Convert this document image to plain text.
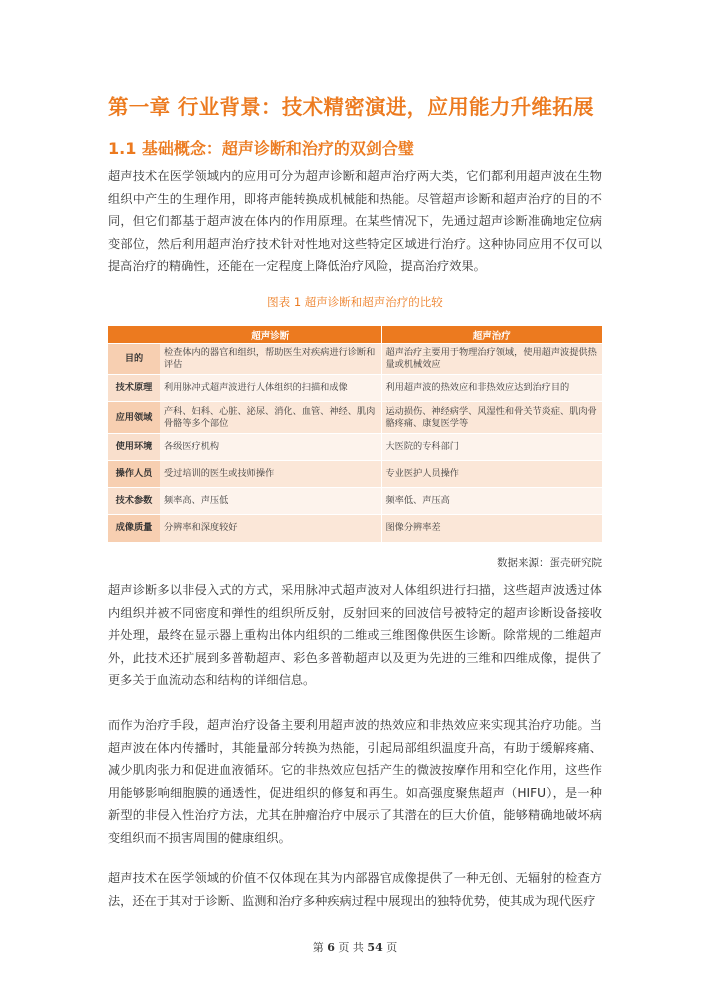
第一章 行业背景：技术精密演进，应用能力升维拓展
1.1 基础概念：超声诊断和治疗的双剑合璧

超声技术在医学领域内的应用可分为超声诊断和超声治疗两大类，它们都利用超声波在生物组织中产生的生理作用，即将声能转换成机械能和热能。尽管超声诊断和超声治疗的目的不同，但它们都基于超声波在体内的作用原理。在某些情况下，先通过超声诊断准确地定位病变部位，然后利用超声治疗技术针对性地对这些特定区域进行治疗。这种协同应用不仅可以提高治疗的精确性，还能在一定程度上降低治疗风险，提高治疗效果。

图表 1 超声诊断和超声治疗的比较
	超声诊断	超声治疗
目的	检查体内的器官和组织，帮助医生对疾病进行诊断和评估	超声治疗主要用于物理治疗领域，使用超声波提供热量或机械效应
技术原理	利用脉冲式超声波进行人体组织的扫描和成像	利用超声波的热效应和非热效应达到治疗目的
应用领域	产科、妇科、心脏、泌尿、消化、血管、神经、肌肉骨骼等多个部位	运动损伤、神经病学、风湿性和骨关节炎症、肌肉骨骼疼痛、康复医学等
使用环境	各级医疗机构	大医院的专科部门
操作人员	受过培训的医生或技师操作	专业医护人员操作
技术参数	频率高、声压低	频率低、声压高
成像质量	分辨率和深度较好	图像分辨率差
数据来源：蛋壳研究院

超声诊断多以非侵入式的方式，采用脉冲式超声波对人体组织进行扫描，这些超声波透过体内组织并被不同密度和弹性的组织所反射，反射回来的回波信号被特定的超声诊断设备接收并处理，最终在显示器上重构出体内组织的二维或三维图像供医生诊断。除常规的二维超声外，此技术还扩展到多普勒超声、彩色多普勒超声以及更为先进的三维和四维成像，提供了更多关于血流动态和结构的详细信息。

而作为治疗手段，超声治疗设备主要利用超声波的热效应和非热效应来实现其治疗功能。当超声波在体内传播时，其能量部分转换为热能，引起局部组织温度升高，有助于缓解疼痛、减少肌肉张力和促进血液循环。它的非热效应包括产生的微波按摩作用和空化作用，这些作用能够影响细胞膜的通透性，促进组织的修复和再生。如高强度聚焦超声（HIFU），是一种新型的非侵入性治疗方法，尤其在肿瘤治疗中展示了其潜在的巨大价值，能够精确地破坏病变组织而不损害周围的健康组织。

超声技术在医学领域的价值不仅体现在其为内部器官成像提供了一种无创、无辐射的检查方法，还在于其对于诊断、监测和治疗多种疾病过程中展现出的独特优势，使其成为现代医疗

第 6 页 共 54 页
